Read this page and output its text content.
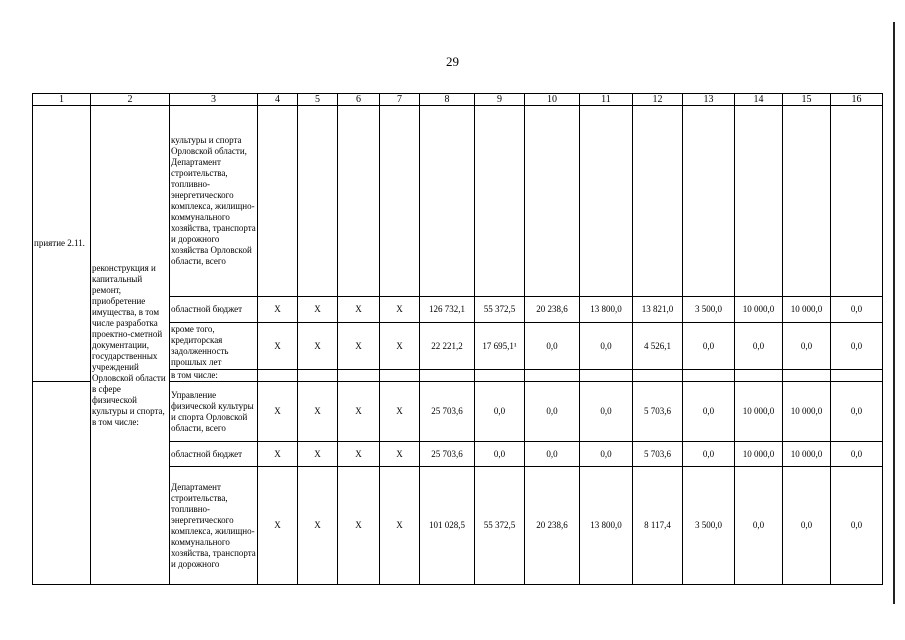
29
1	2	3	4	5	6	7	8	9	10	11	12	13	14	15	16
приятие 2.11.	реконструкция и капитальный ремонт, приобретение имущества, в том числе разработка проектно-сметной документации, государственных учреждений Орловской области в сфере физической культуры и спорта, в том числе:	культуры и спорта Орловской области, Департамент строительства, топливно-энергетического комплекса, жилищно-коммунального хозяйства, транспорта и дорожного хозяйства Орловской области, всего													
		областной бюджет	X	X	X	X	126 732,1	55 372,5	20 238,6	13 800,0	13 821,0	3 500,0	10 000,0	10 000,0	0,0
		кроме того, кредиторская задолженность прошлых лет	X	X	X	X	22 221,2	17 695,1¹	0,0	0,0	4 526,1	0,0	0,0	0,0	0,0
		в том числе:													
		Управление физической культуры и спорта Орловской области, всего	X	X	X	X	25 703,6	0,0	0,0	0,0	5 703,6	0,0	10 000,0	10 000,0	0,0
		областной бюджет	X	X	X	X	25 703,6	0,0	0,0	0,0	5 703,6	0,0	10 000,0	10 000,0	0,0
		Департамент строительства, топливно-энергетического комплекса, жилищно-коммунального хозяйства, транспорта и дорожного	X	X	X	X	101 028,5	55 372,5	20 238,6	13 800,0	8 117,4	3 500,0	0,0	0,0	0,0
